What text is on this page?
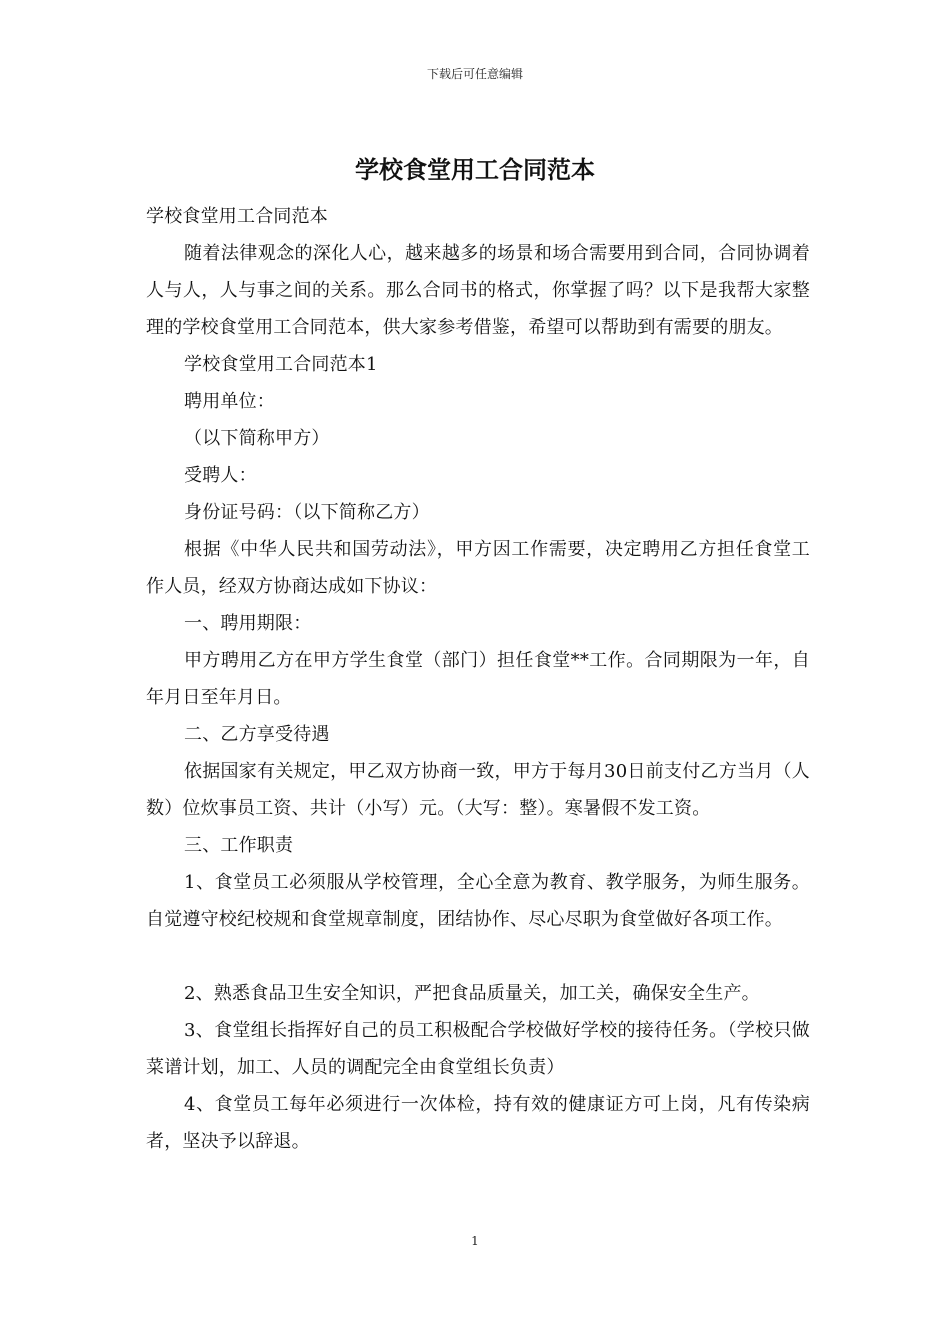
下载后可任意编辑
学校食堂用工合同范本

学校食堂用工合同范本

随着法律观念的深化人心，越来越多的场景和场合需要用到合同，合同协调着人与人，人与事之间的关系。那么合同书的格式，你掌握了吗？以下是我帮大家整理的学校食堂用工合同范本，供大家参考借鉴，希望可以帮助到有需要的朋友。

学校食堂用工合同范本1

聘用单位：

（以下简称甲方）

受聘人：

身份证号码：（以下简称乙方）

根据《中华人民共和国劳动法》，甲方因工作需要，决定聘用乙方担任食堂工作人员，经双方协商达成如下协议：

一、聘用期限：

甲方聘用乙方在甲方学生食堂（部门）担任食堂**工作。合同期限为一年，自年月日至年月日。

二、乙方享受待遇

依据国家有关规定，甲乙双方协商一致，甲方于每月30日前支付乙方当月（人数）位炊事员工资、共计（小写）元。（大写：整）。寒暑假不发工资。

三、工作职责

1、食堂员工必须服从学校管理，全心全意为教育、教学服务，为师生服务。自觉遵守校纪校规和食堂规章制度，团结协作、尽心尽职为食堂做好各项工作。

2、熟悉食品卫生安全知识，严把食品质量关，加工关，确保安全生产。

3、食堂组长指挥好自己的员工积极配合学校做好学校的接待任务。（学校只做菜谱计划，加工、人员的调配完全由食堂组长负责）

4、食堂员工每年必须进行一次体检，持有效的健康证方可上岗，凡有传染病者，坚决予以辞退。

1
